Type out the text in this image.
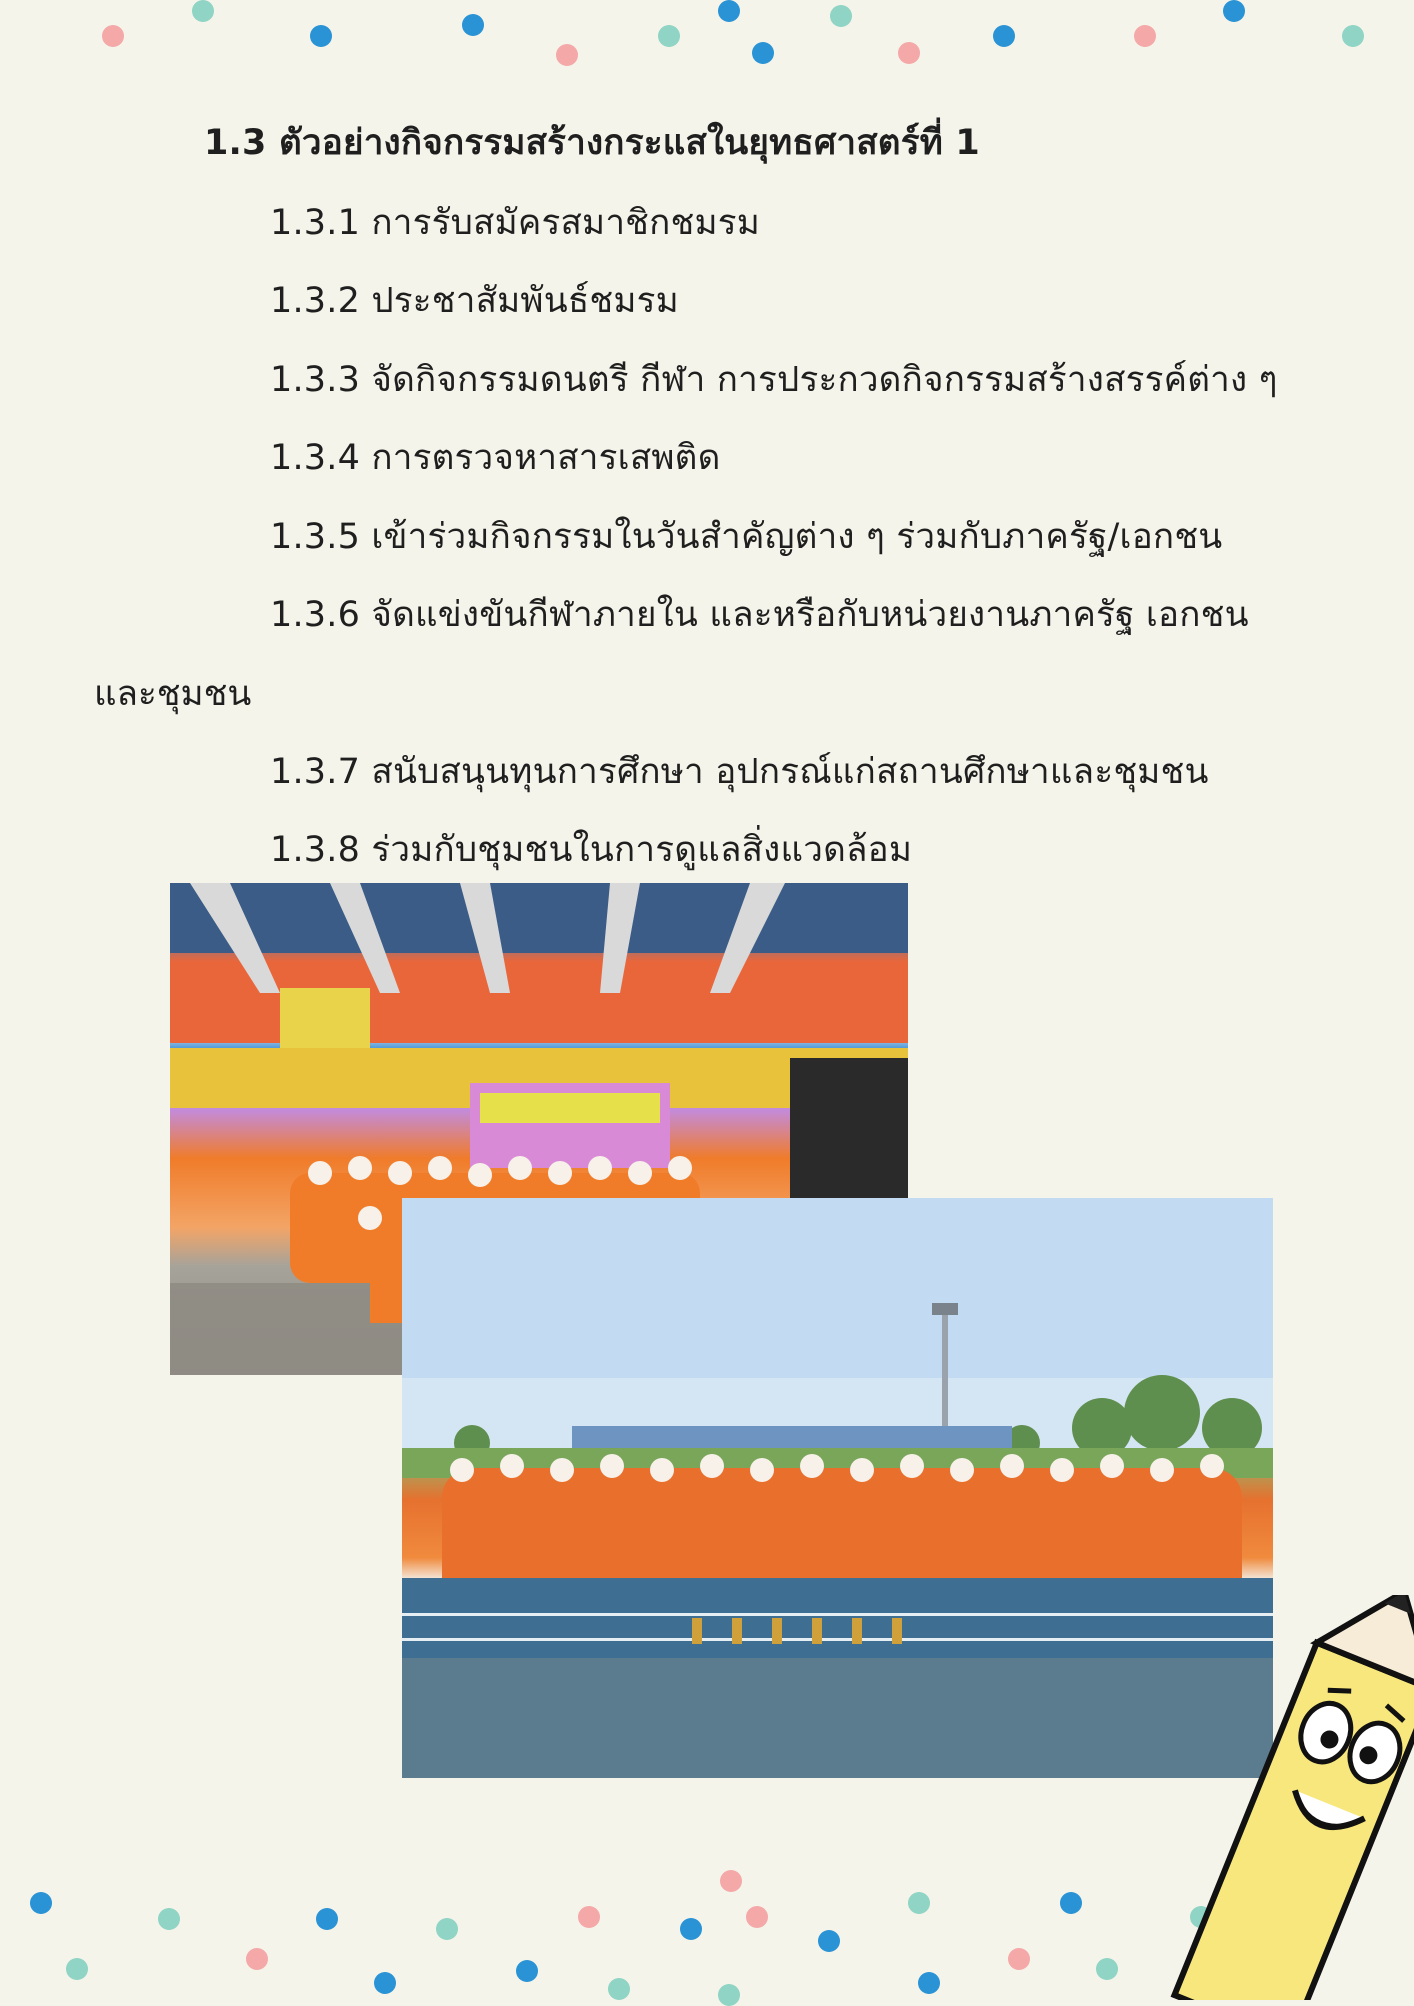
1.3 ตัวอย่างกิจกรรมสร้างกระแสในยุทธศาสตร์ที่ 1
1.3.1 การรับสมัครสมาชิกชมรม
1.3.2 ประชาสัมพันธ์ชมรม
1.3.3 จัดกิจกรรมดนตรี กีฬา การประกวดกิจกรรมสร้างสรรค์ต่าง ๆ
1.3.4 การตรวจหาสารเสพติด
1.3.5 เข้าร่วมกิจกรรมในวันสำคัญต่าง ๆ ร่วมกับภาครัฐ/เอกชน
1.3.6 จัดแข่งขันกีฬาภายใน และหรือกับหน่วยงานภาครัฐ เอกชน
และชุมชน
1.3.7 สนับสนุนทุนการศึกษา อุปกรณ์แก่สถานศึกษาและชุมชน
1.3.8 ร่วมกับชุมชนในการดูแลสิ่งแวดล้อม
